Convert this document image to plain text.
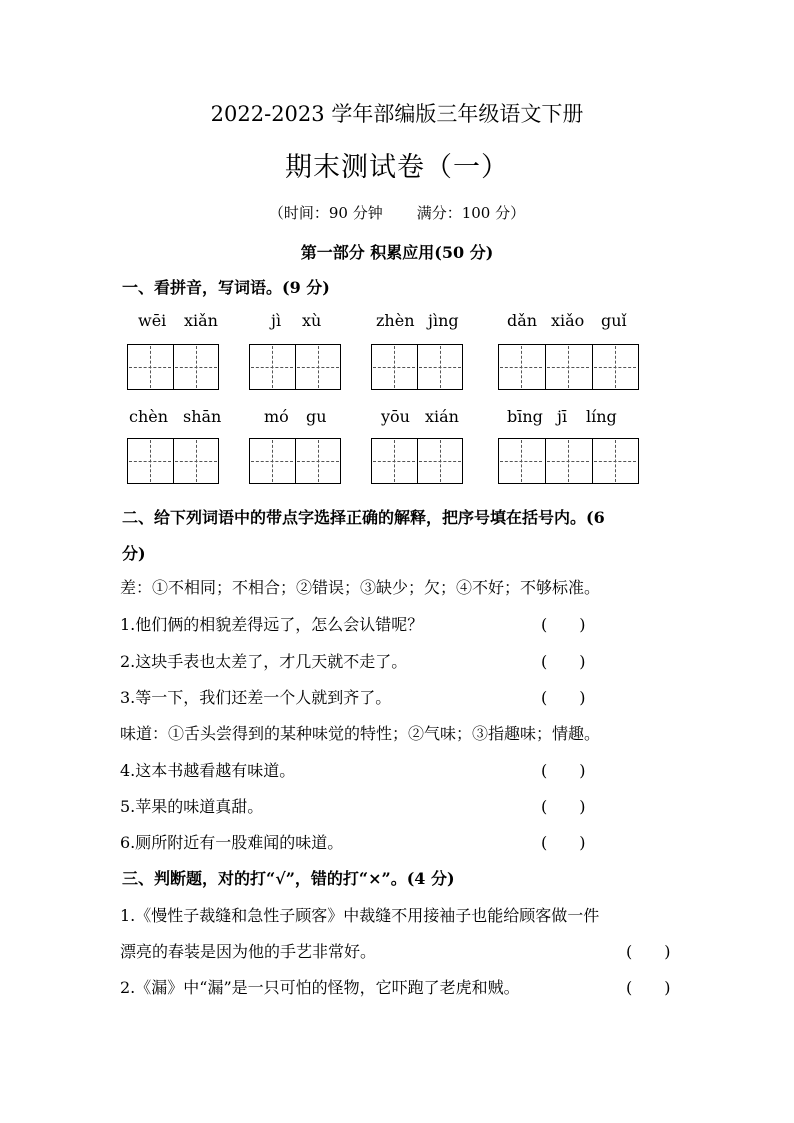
2022-2023 学年部编版三年级语文下册
期末测试卷（一）
（时间：90 分钟 满分：100 分）
第一部分 积累应用(50 分)
一、看拼音，写词语。(9 分)
wēi xiǎn	jì xù	zhèn jìng	dǎn xiǎo guǐ
chèn shān	mó gu	yōu xián	bīng jī líng
二、给下列词语中的带点字选择正确的解释，把序号填在括号内。(6
分)
差：①不相同；不相合；②错误；③缺少；欠；④不好；不够标准。
1.他们俩的相貌差得远了，怎么会认错呢？	(　　)
2.这块手表也太差了，才几天就不走了。	(　　)
3.等一下，我们还差一个人就到齐了。	(　　)
味道：①舌头尝得到的某种味觉的特性；②气味；③指趣味；情趣。
4.这本书越看越有味道。	(　　)
5.苹果的味道真甜。	(　　)
6.厕所附近有一股难闻的味道。	(　　)
三、判断题，对的打“√”，错的打“×”。(4 分)
1.《慢性子裁缝和急性子顾客》中裁缝不用接袖子也能给顾客做一件
漂亮的春装是因为他的手艺非常好。	(　　)
2.《漏》中“漏”是一只可怕的怪物，它吓跑了老虎和贼。	(　　)
